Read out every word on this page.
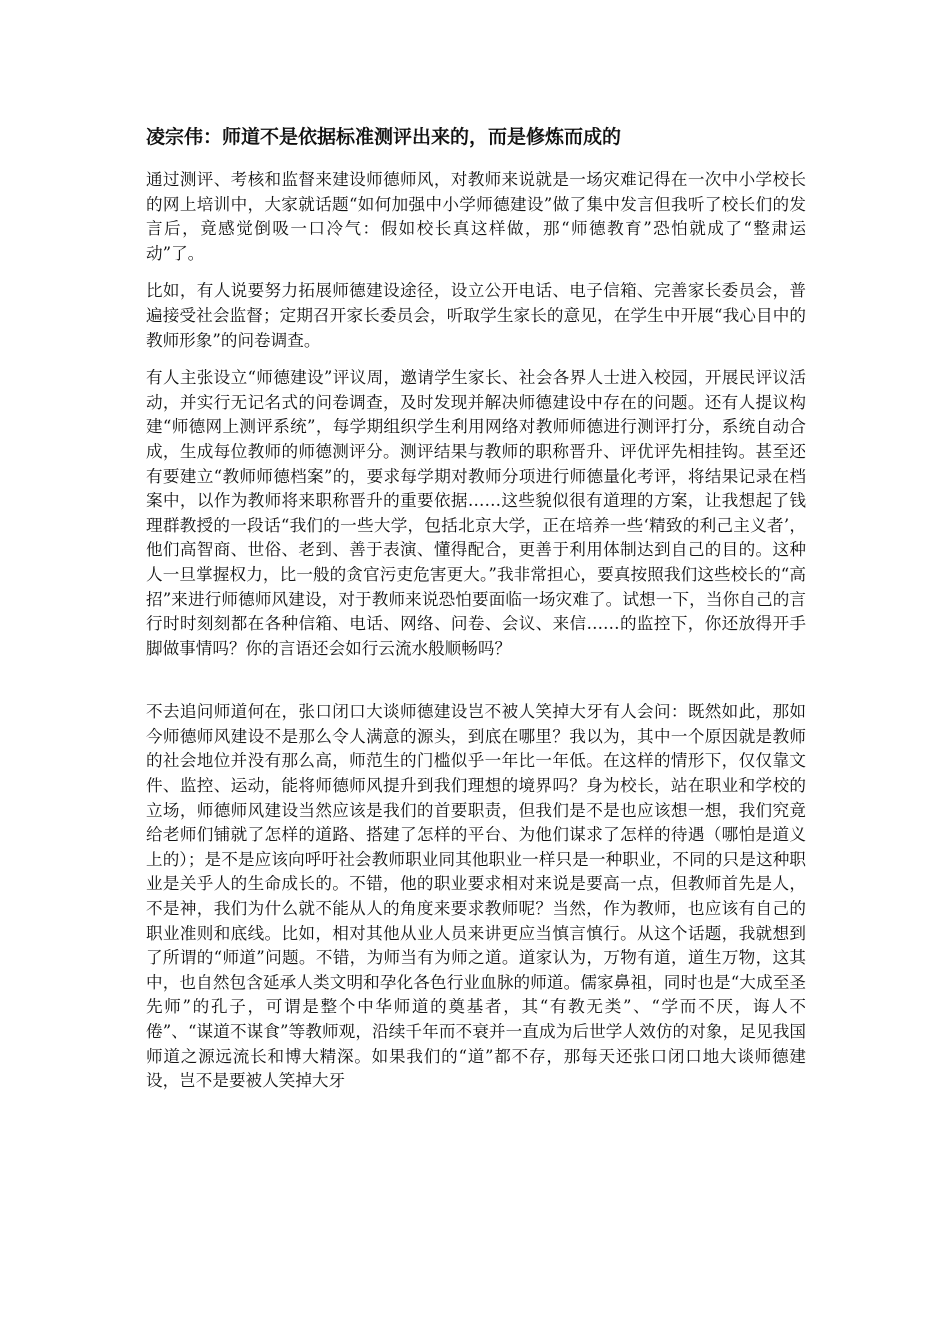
凌宗伟：师道不是依据标准测评出来的，而是修炼而成的

通过测评、考核和监督来建设师德师风，对教师来说就是一场灾难记得在一次中小学校长的网上培训中，大家就话题“如何加强中小学师德建设”做了集中发言但我听了校长们的发言后，竟感觉倒吸一口冷气：假如校长真这样做，那“师德教育”恐怕就成了“整肃运动”了。

比如，有人说要努力拓展师德建设途径，设立公开电话、电子信箱、完善家长委员会，普遍接受社会监督；定期召开家长委员会，听取学生家长的意见，在学生中开展“我心目中的教师形象”的问卷调查。

有人主张设立“师德建设”评议周，邀请学生家长、社会各界人士进入校园，开展民评议活动，并实行无记名式的问卷调查，及时发现并解决师德建设中存在的问题。还有人提议构建“师德网上测评系统”，每学期组织学生利用网络对教师师德进行测评打分，系统自动合成，生成每位教师的师德测评分。测评结果与教师的职称晋升、评优评先相挂钩。甚至还有要建立“教师师德档案”的，要求每学期对教师分项进行师德量化考评，将结果记录在档案中，以作为教师将来职称晋升的重要依据……这些貌似很有道理的方案，让我想起了钱理群教授的一段话“我们的一些大学，包括北京大学，正在培养一些‘精致的利己主义者’，他们高智商、世俗、老到、善于表演、懂得配合，更善于利用体制达到自己的目的。这种人一旦掌握权力，比一般的贪官污吏危害更大。”我非常担心，要真按照我们这些校长的“高招”来进行师德师风建设，对于教师来说恐怕要面临一场灾难了。试想一下，当你自己的言行时时刻刻都在各种信箱、电话、网络、问卷、会议、来信……的监控下，你还放得开手脚做事情吗？你的言语还会如行云流水般顺畅吗？

不去追问师道何在，张口闭口大谈师德建设岂不被人笑掉大牙有人会问：既然如此，那如今师德师风建设不是那么令人满意的源头，到底在哪里？我以为，其中一个原因就是教师的社会地位并没有那么高，师范生的门槛似乎一年比一年低。在这样的情形下，仅仅靠文件、监控、运动，能将师德师风提升到我们理想的境界吗？身为校长，站在职业和学校的立场，师德师风建设当然应该是我们的首要职责，但我们是不是也应该想一想，我们究竟给老师们铺就了怎样的道路、搭建了怎样的平台、为他们谋求了怎样的待遇（哪怕是道义上的）；是不是应该向呼吁社会教师职业同其他职业一样只是一种职业，不同的只是这种职业是关乎人的生命成长的。不错，他的职业要求相对来说是要高一点，但教师首先是人，不是神，我们为什么就不能从人的角度来要求教师呢？当然，作为教师，也应该有自己的职业准则和底线。比如，相对其他从业人员来讲更应当慎言慎行。从这个话题，我就想到了所谓的“师道”问题。不错，为师当有为师之道。道家认为，万物有道，道生万物，这其中，也自然包含延承人类文明和孕化各色行业血脉的师道。儒家鼻祖，同时也是“大成至圣先师”的孔子，可谓是整个中华师道的奠基者，其“有教无类”、“学而不厌，诲人不倦”、“谋道不谋食”等教师观，沿续千年而不衰并一直成为后世学人效仿的对象，足见我国师道之源远流长和博大精深。如果我们的“道”都不存，那每天还张口闭口地大谈师德建设，岂不是要被人笑掉大牙
